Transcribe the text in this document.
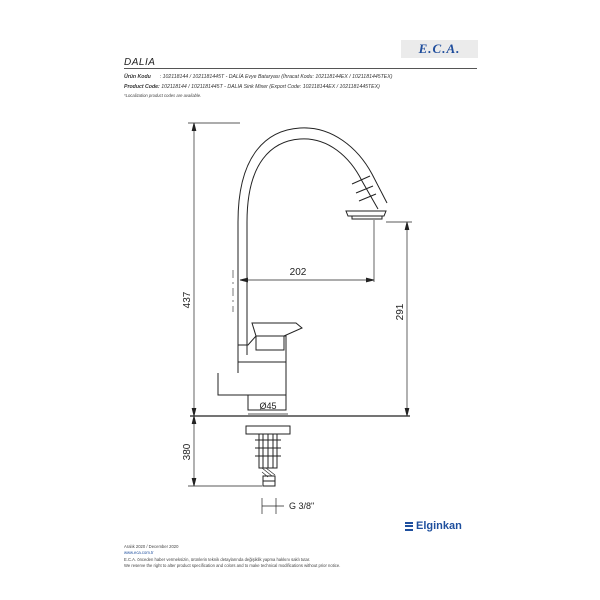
E.C.A.
DALIA
Ürün Kodu : 102118144 / 1021181445T - DALİA Evye Bataryası (İhracat Kodu: 102118144EX / 1021181445TEX)
Product Code: 102118144 / 1021181445T - DALIA Sink Mixer (Export Code: 102118144EX / 1021181445TEX)
*Localization product codes are available.
437
202
291
Ø45
380
G 3/8"
Aralık 2020 / December 2020
www.eca.com.tr
E.C.A. önceden haber vermeksizin, ürünlerin teknik detaylarında değişiklik yapma hakkını saklı tutar.
We reserve the right to alter product specification and colors and to make technical modifications without prior notice.
Elginkan
